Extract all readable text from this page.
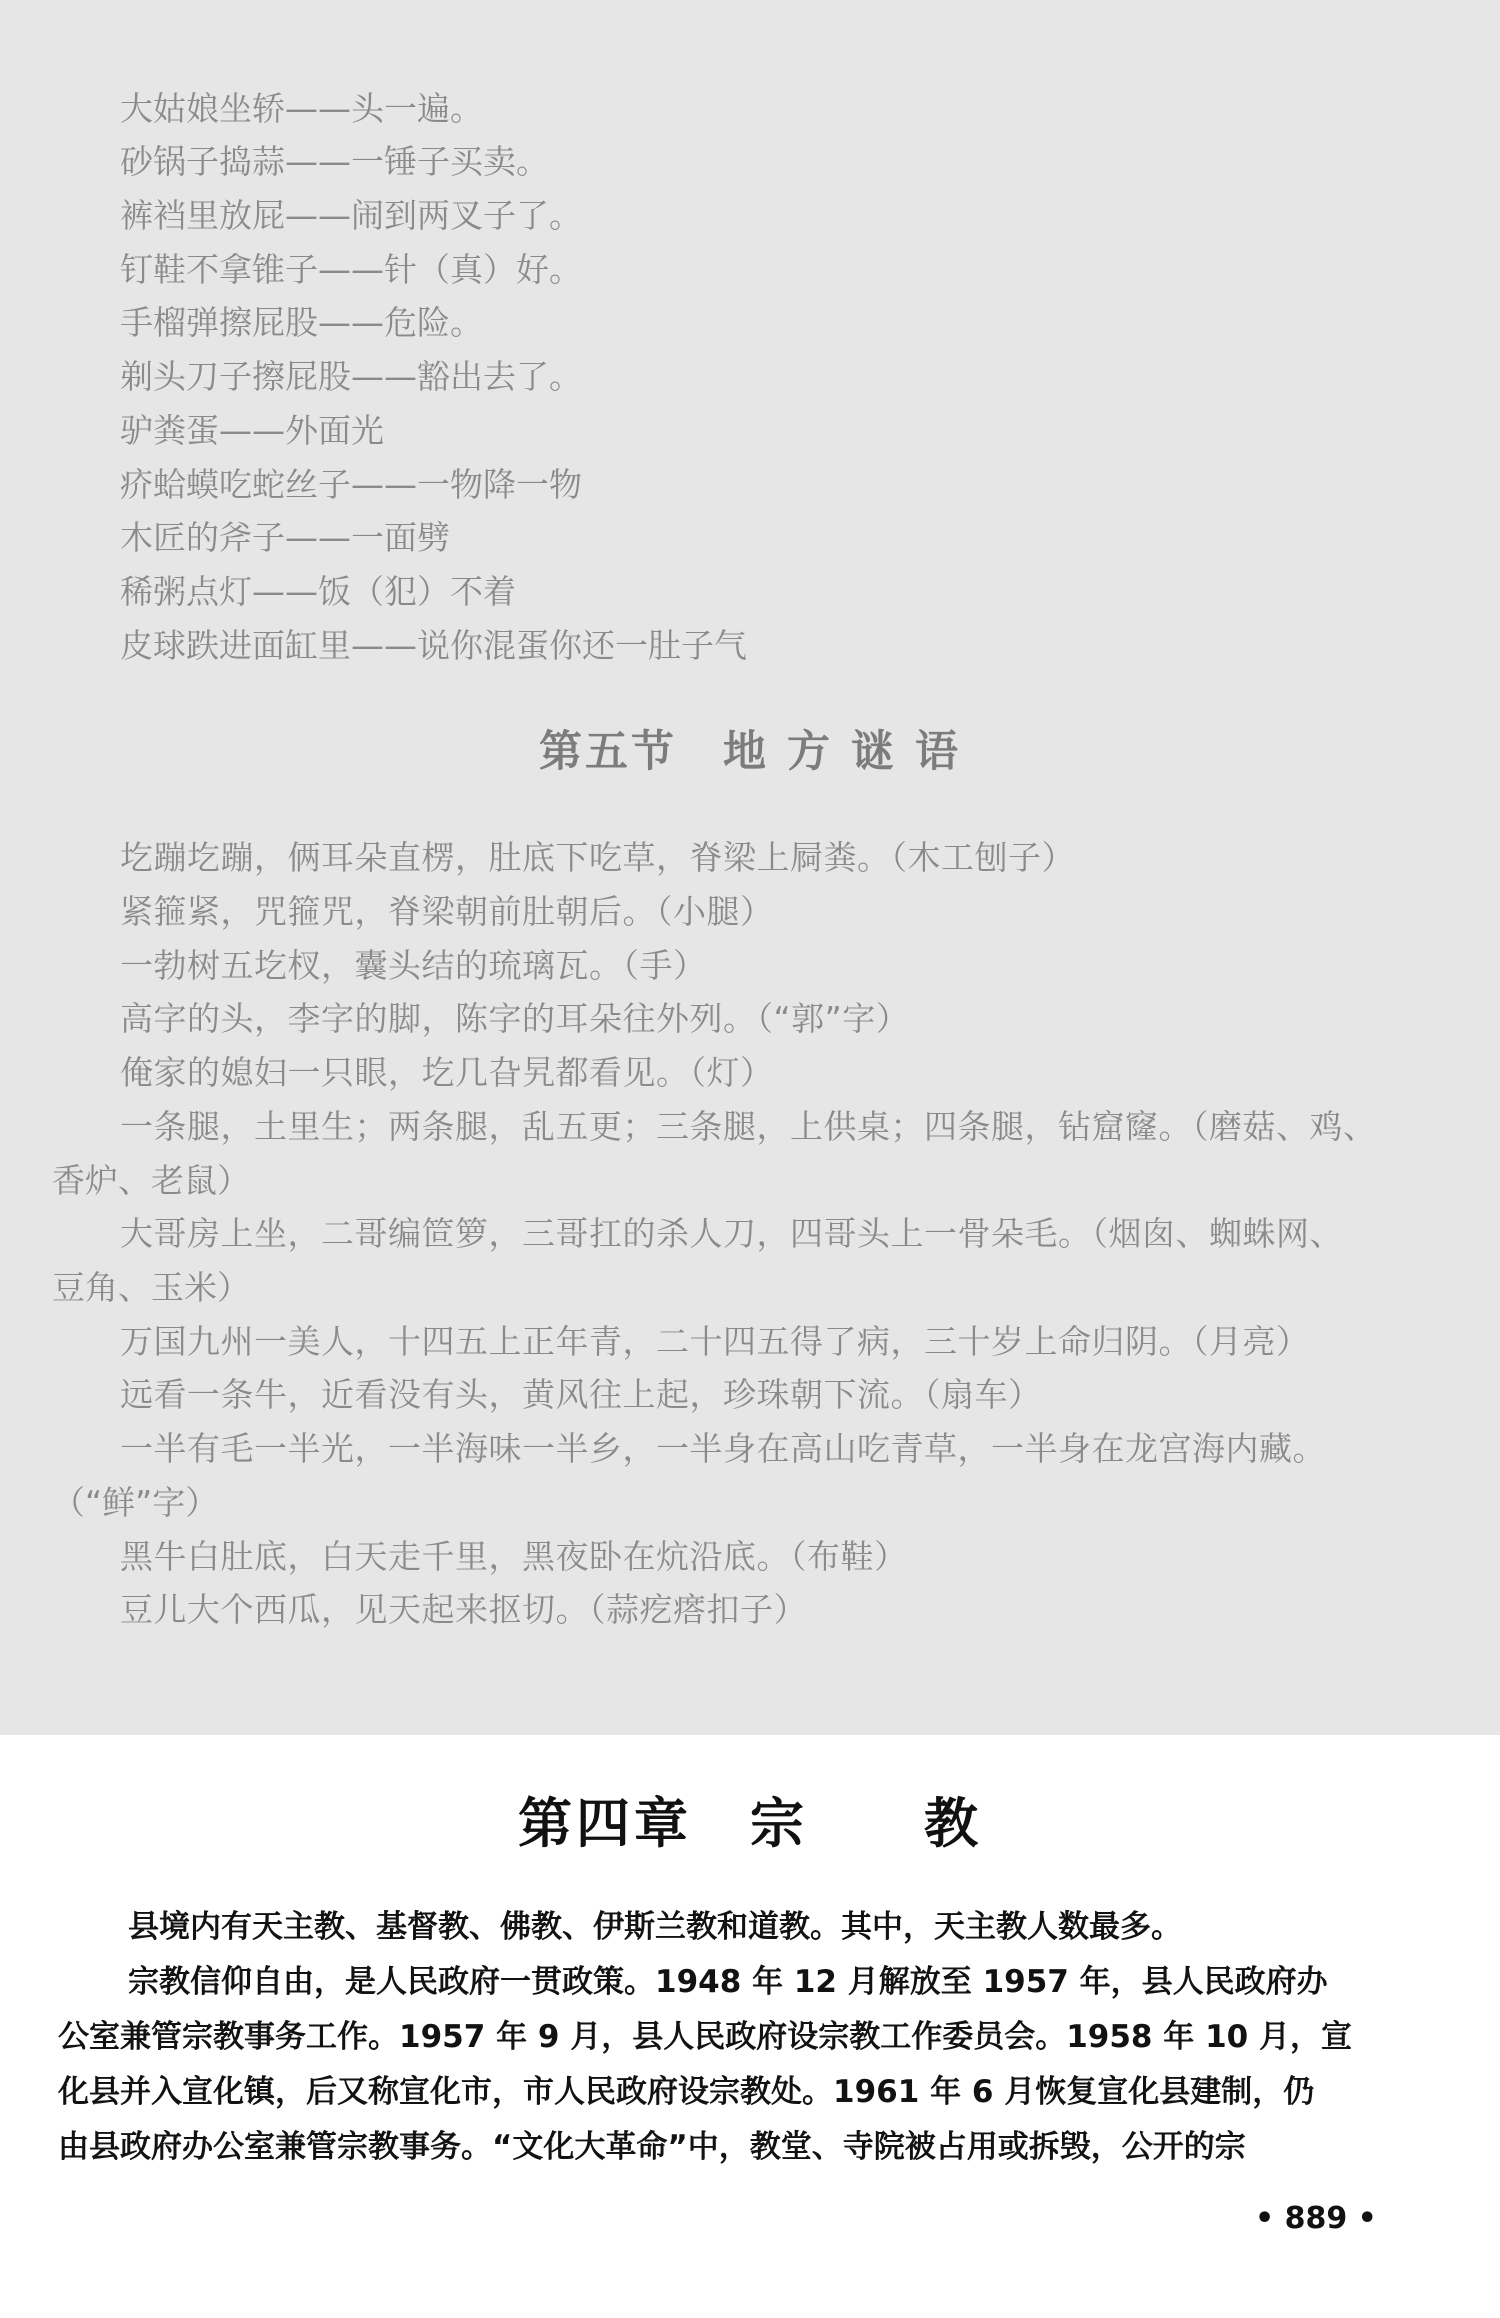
大姑娘坐轿——头一遍。
砂锅子捣蒜——一锤子买卖。
裤裆里放屁——闹到两叉子了。
钉鞋不拿锥子——针（真）好。
手榴弹擦屁股——危险。
剃头刀子擦屁股——豁出去了。
驴粪蛋——外面光
疥蛤蟆吃蛇丝子——一物降一物
木匠的斧子——一面劈
稀粥点灯——饭（犯）不着
皮球跌进面缸里——说你混蛋你还一肚子气
第五节　地 方 谜 语
圪蹦圪蹦，俩耳朵直楞，肚底下吃草，脊梁上屙粪。（木工刨子）
紧箍紧，咒箍咒，脊梁朝前肚朝后。（小腿）
一勃树五圪杈，囊头结的琉璃瓦。（手）
高字的头，李字的脚，陈字的耳朵往外列。（“郭”字）
俺家的媳妇一只眼，圪几旮旯都看见。（灯）
一条腿，土里生；两条腿，乱五更；三条腿，上供桌；四条腿，钻窟窿。（磨菇、鸡、
香炉、老鼠）
大哥房上坐，二哥编笸箩，三哥扛的杀人刀，四哥头上一骨朵毛。（烟囱、蜘蛛网、
豆角、玉米）
万国九州一美人，十四五上正年青，二十四五得了病，三十岁上命归阴。（月亮）
远看一条牛，近看没有头，黄风往上起，珍珠朝下流。（扇车）
一半有毛一半光，一半海味一半乡，一半身在高山吃青草，一半身在龙宫海内藏。
（“鲜”字）
黑牛白肚底，白天走千里，黑夜卧在炕沿底。（布鞋）
豆儿大个西瓜，见天起来抠切。（蒜疙瘩扣子）
第四章　宗　　教
县境内有天主教、基督教、佛教、伊斯兰教和道教。其中，天主教人数最多。
宗教信仰自由，是人民政府一贯政策。1948 年 12 月解放至 1957 年，县人民政府办
公室兼管宗教事务工作。1957 年 9 月，县人民政府设宗教工作委员会。1958 年 10 月，宣
化县并入宣化镇，后又称宣化市，市人民政府设宗教处。1961 年 6 月恢复宣化县建制，仍
由县政府办公室兼管宗教事务。“文化大革命”中，教堂、寺院被占用或拆毁，公开的宗
• 889 •
